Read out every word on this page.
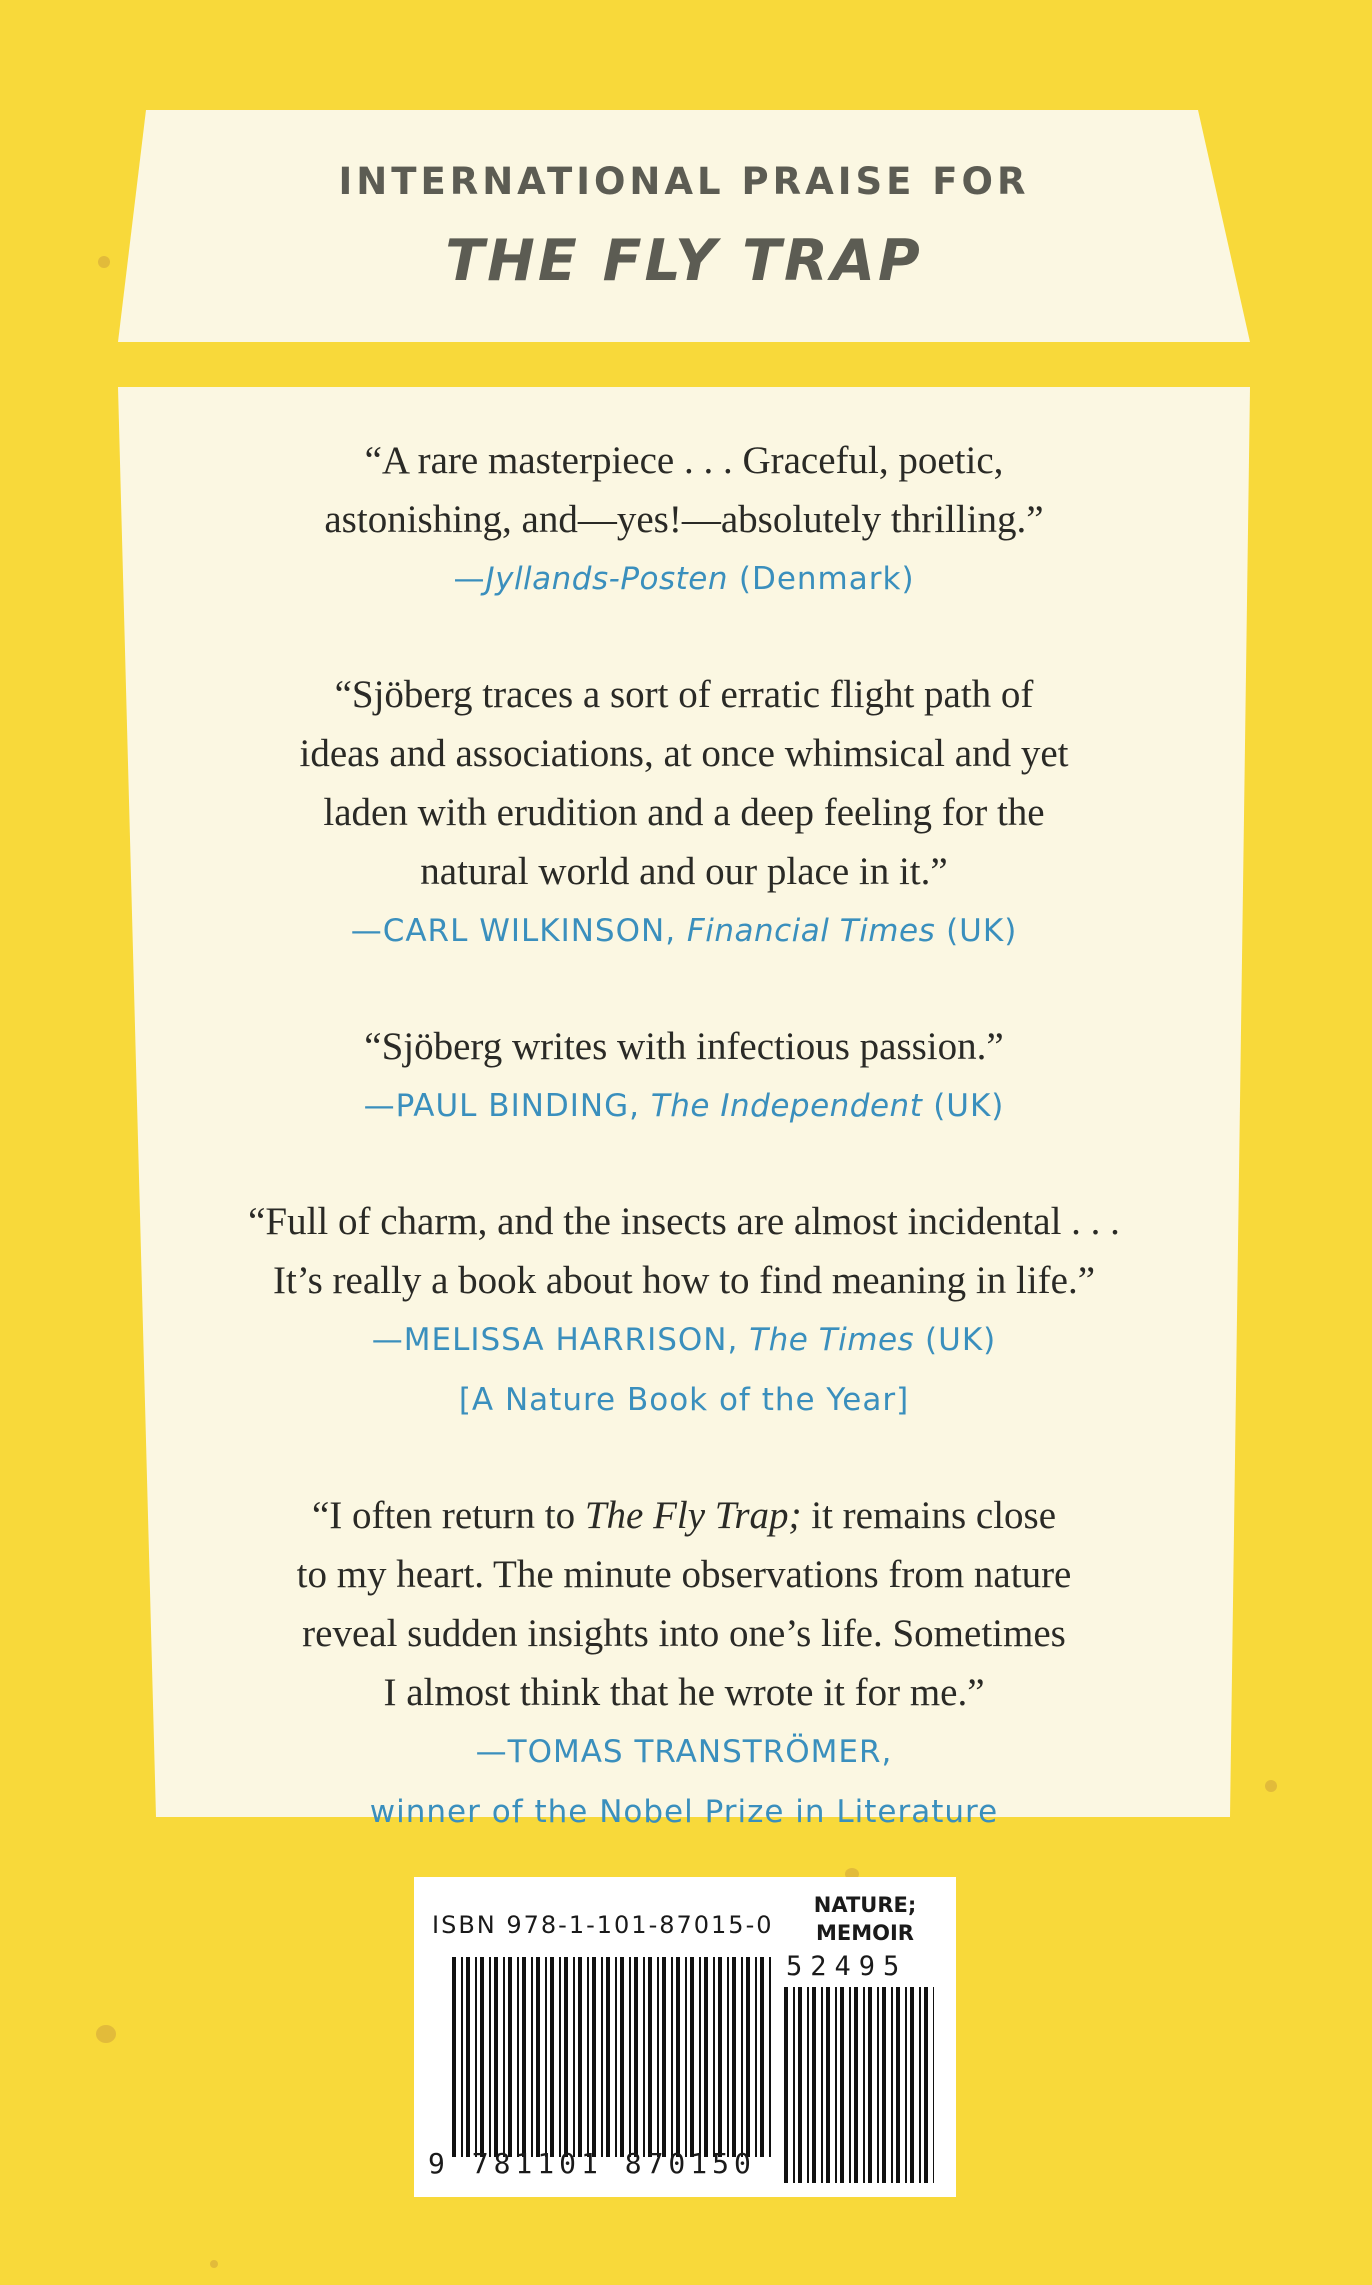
INTERNATIONAL PRAISE FOR
THE FLY TRAP
“A rare masterpiece . . . Graceful, poetic,
astonishing, and—yes!—absolutely thrilling.”
—Jyllands-Posten (Denmark)
“Sjöberg traces a sort of erratic flight path of
ideas and associations, at once whimsical and yet
laden with erudition and a deep feeling for the
natural world and our place in it.”
—CARL WILKINSON, Financial Times (UK)
“Sjöberg writes with infectious passion.”
—PAUL BINDING, The Independent (UK)
“Full of charm, and the insects are almost incidental . . .
It’s really a book about how to find meaning in life.”
—MELISSA HARRISON, The Times (UK)
[A Nature Book of the Year]
“I often return to The Fly Trap; it remains close
to my heart. The minute observations from nature
reveal sudden insights into one’s life. Sometimes
I almost think that he wrote it for me.”
—TOMAS TRANSTRÖMER,
winner of the Nobel Prize in Literature
ISBN 978-1-101-87015-0
NATURE;
MEMOIR
52495
9 781101 870150
